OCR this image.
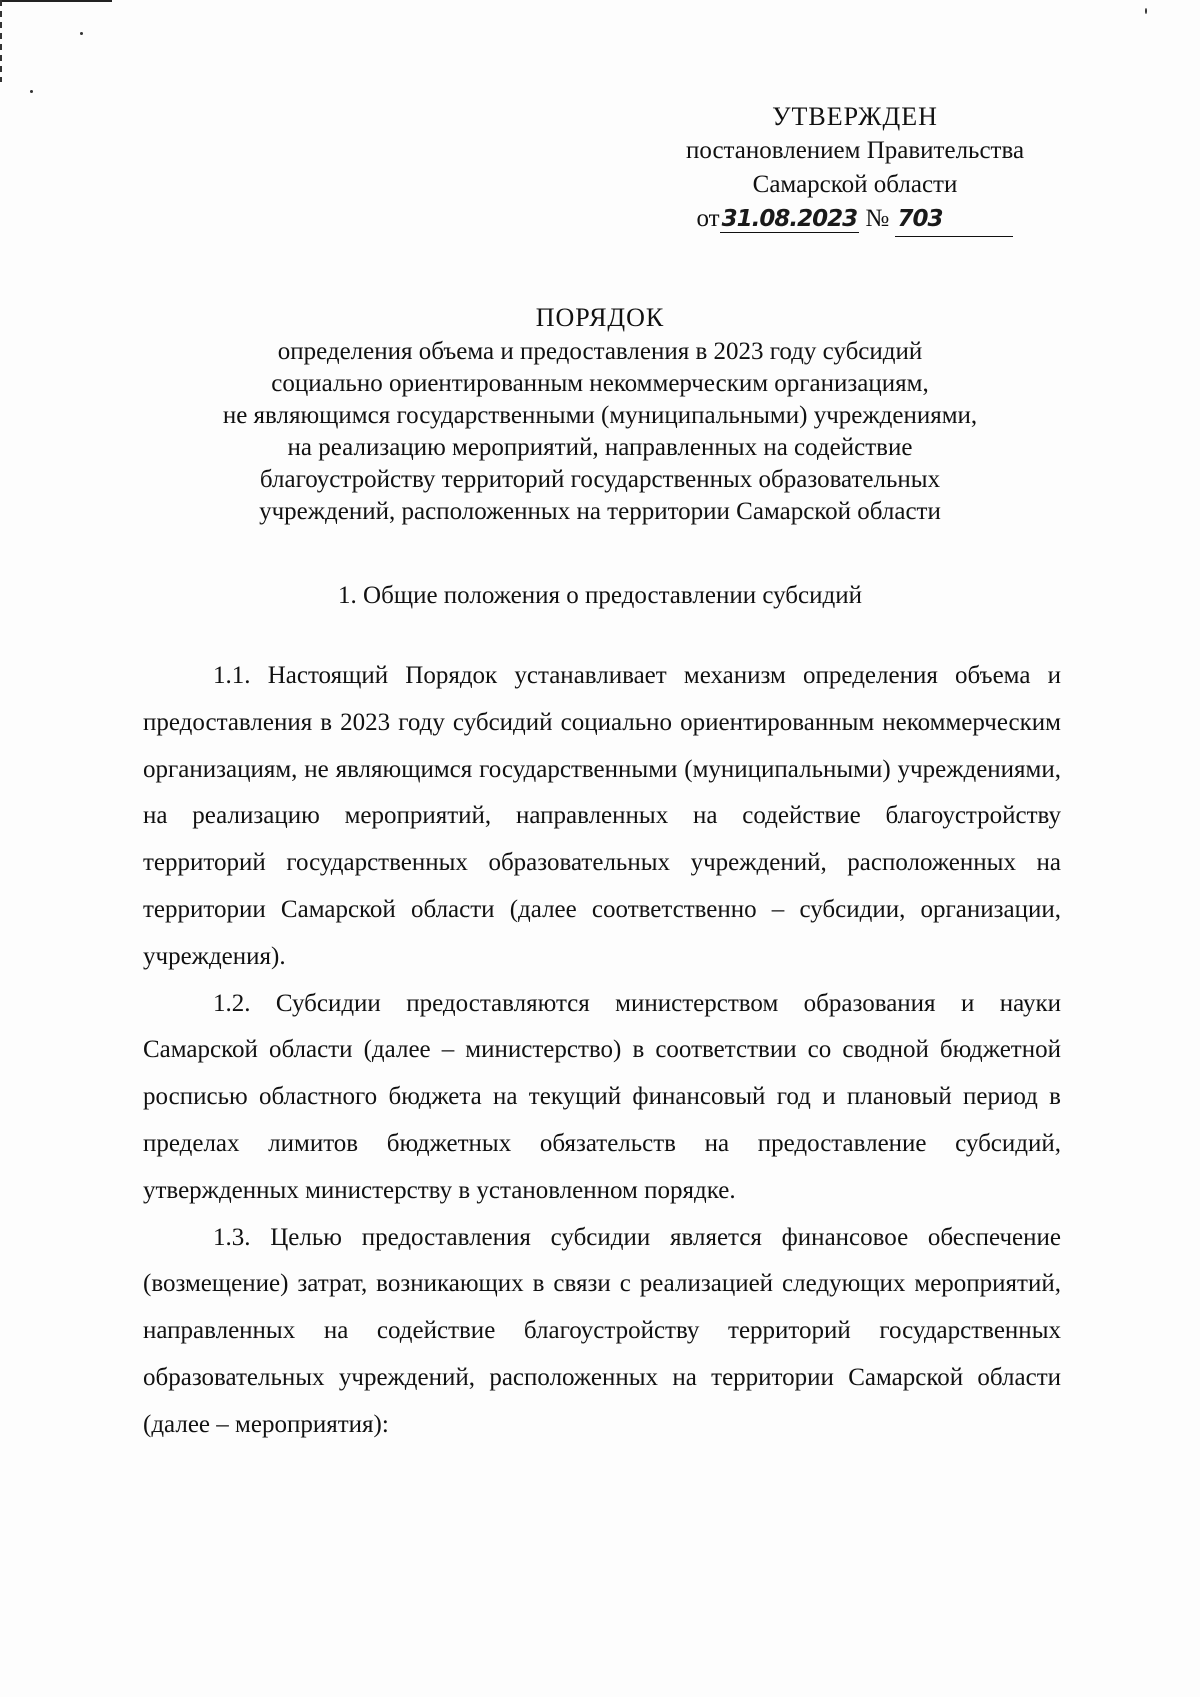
УТВЕРЖДЕН
постановлением Правительства
Самарской области
от31.08.2023 № 703
ПОРЯДОК
определения объема и предоставления в 2023 году субсидий
социально ориентированным некоммерческим организациям,
не являющимся государственными (муниципальными) учреждениями,
на реализацию мероприятий, направленных на содействие
благоустройству территорий государственных образовательных
учреждений, расположенных на территории Самарской области
1. Общие положения о предоставлении субсидий

1.1. Настоящий Порядок устанавливает механизм определения объема и предоставления в 2023 году субсидий социально ориентированным некоммерческим организациям, не являющимся государственными (муниципальными) учреждениями, на реализацию мероприятий, направленных на содействие благоустройству территорий государственных образовательных учреждений, расположенных на территории Самарской области (далее соответственно – субсидии, организации, учреждения).

1.2. Субсидии предоставляются министерством образования и науки Самарской области (далее – министерство) в соответствии со сводной бюджетной росписью областного бюджета на текущий финансовый год и плановый период в пределах лимитов бюджетных обязательств на предоставление субсидий, утвержденных министерству в установленном порядке.

1.3. Целью предоставления субсидии является финансовое обеспечение (возмещение) затрат, возникающих в связи с реализацией следующих мероприятий, направленных на содействие благоустройству территорий государственных образовательных учреждений, расположенных на территории Самарской области (далее – мероприятия):
